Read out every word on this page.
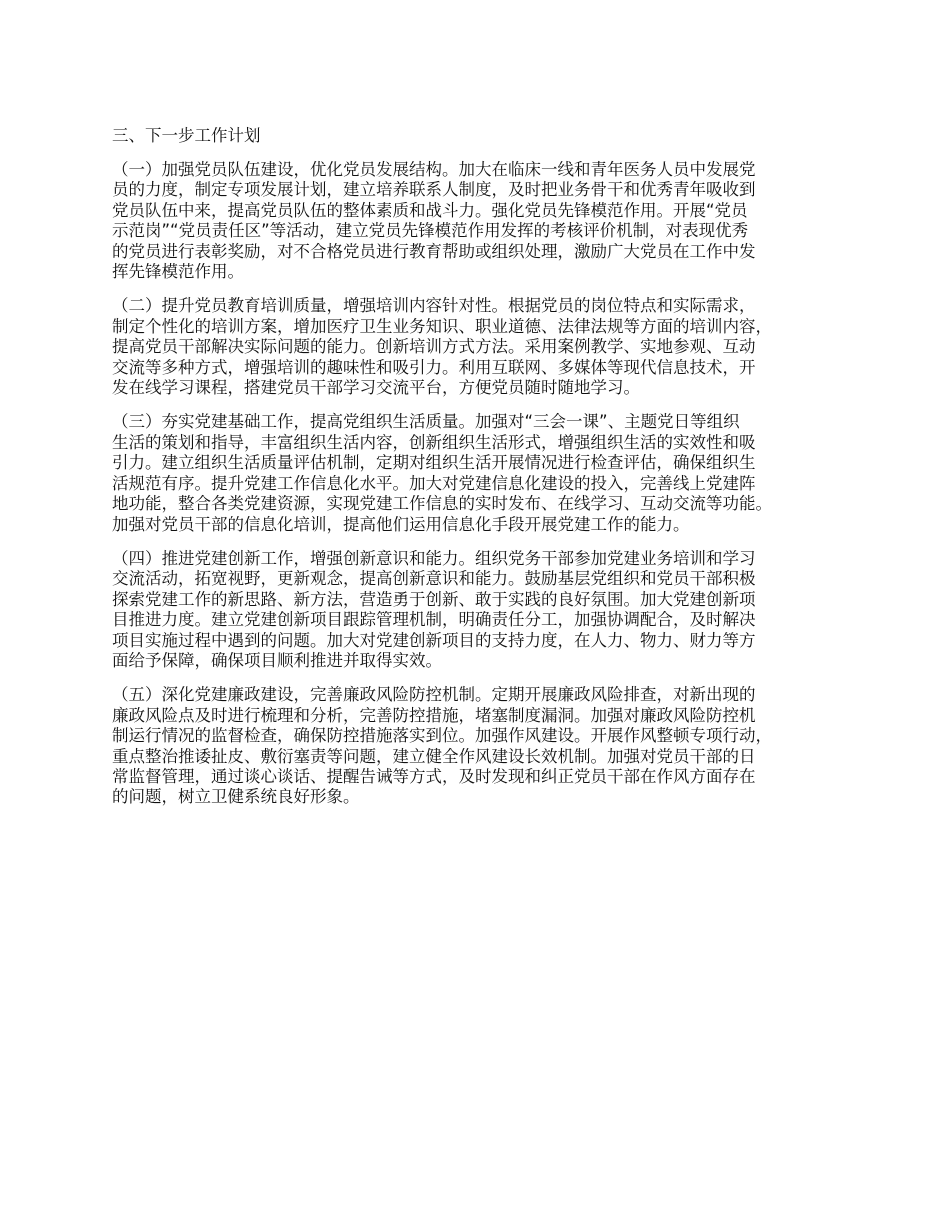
三、下一步工作计划
（一）加强党员队伍建设，优化党员发展结构。加大在临床一线和青年医务人员中发展党
员的力度，制定专项发展计划，建立培养联系人制度，及时把业务骨干和优秀青年吸收到
党员队伍中来，提高党员队伍的整体素质和战斗力。强化党员先锋模范作用。开展“党员
示范岗”“党员责任区”等活动，建立党员先锋模范作用发挥的考核评价机制，对表现优秀
的党员进行表彰奖励，对不合格党员进行教育帮助或组织处理，激励广大党员在工作中发
挥先锋模范作用。
（二）提升党员教育培训质量，增强培训内容针对性。根据党员的岗位特点和实际需求，
制定个性化的培训方案，增加医疗卫生业务知识、职业道德、法律法规等方面的培训内容，
提高党员干部解决实际问题的能力。创新培训方式方法。采用案例教学、实地参观、互动
交流等多种方式，增强培训的趣味性和吸引力。利用互联网、多媒体等现代信息技术，开
发在线学习课程，搭建党员干部学习交流平台，方便党员随时随地学习。
（三）夯实党建基础工作，提高党组织生活质量。加强对“三会一课”、主题党日等组织
生活的策划和指导，丰富组织生活内容，创新组织生活形式，增强组织生活的实效性和吸
引力。建立组织生活质量评估机制，定期对组织生活开展情况进行检查评估，确保组织生
活规范有序。提升党建工作信息化水平。加大对党建信息化建设的投入，完善线上党建阵
地功能，整合各类党建资源，实现党建工作信息的实时发布、在线学习、互动交流等功能。
加强对党员干部的信息化培训，提高他们运用信息化手段开展党建工作的能力。
（四）推进党建创新工作，增强创新意识和能力。组织党务干部参加党建业务培训和学习
交流活动，拓宽视野，更新观念，提高创新意识和能力。鼓励基层党组织和党员干部积极
探索党建工作的新思路、新方法，营造勇于创新、敢于实践的良好氛围。加大党建创新项
目推进力度。建立党建创新项目跟踪管理机制，明确责任分工，加强协调配合，及时解决
项目实施过程中遇到的问题。加大对党建创新项目的支持力度，在人力、物力、财力等方
面给予保障，确保项目顺利推进并取得实效。
（五）深化党建廉政建设，完善廉政风险防控机制。定期开展廉政风险排查，对新出现的
廉政风险点及时进行梳理和分析，完善防控措施，堵塞制度漏洞。加强对廉政风险防控机
制运行情况的监督检查，确保防控措施落实到位。加强作风建设。开展作风整顿专项行动，
重点整治推诿扯皮、敷衍塞责等问题，建立健全作风建设长效机制。加强对党员干部的日
常监督管理，通过谈心谈话、提醒告诫等方式，及时发现和纠正党员干部在作风方面存在
的问题，树立卫健系统良好形象。
